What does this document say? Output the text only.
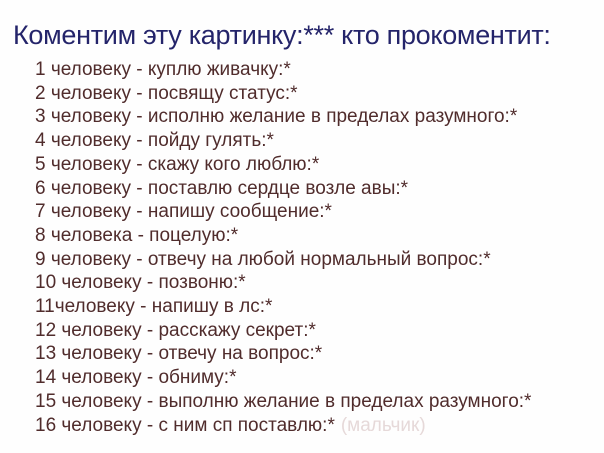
Коментим эту картинку:*** кто прокоментит:
1 человеку - куплю живачку:*
2 человеку - посвящу статус:*
3 человеку - исполню желание в пределах разумного:*
4 человеку - пойду гулять:*
5 человеку - скажу кого люблю:*
6 человеку - поставлю сердце возле авы:*
7 человеку - напишу сообщение:*
8 человека - поцелую:*
9 человеку - отвечу на любой нормальный вопрос:*
10 человеку - позвоню:*
11человеку - напишу в лс:*
12 человеку - расскажу секрет:*
13 человеку - отвечу на вопрос:*
14 человеку - обниму:*
15 человеку - выполню желание в пределах разумного:*
16 человеку - с ним сп поставлю:* (мальчик)
